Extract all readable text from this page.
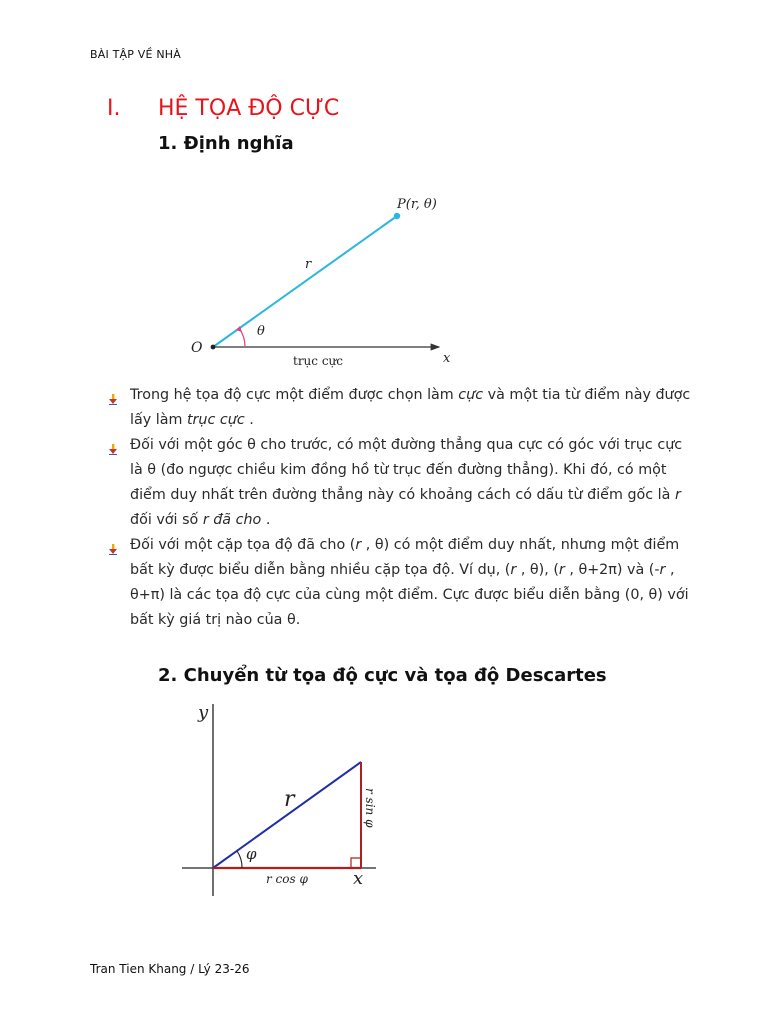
BÀI TẬP VỀ NHÀ
I. HỆ TỌA ĐỘ CỰC
1. Định nghĩa
P(r, θ)
r
θ
O
trục cực	x
Trong hệ tọa độ cực một điểm được chọn làm cực và một tia từ điểm này được lấy làm trục cực .
Đối với một góc θ cho trước, có một đường thẳng qua cực có góc với trục cực là θ (đo ngược chiều kim đồng hồ từ trục đến đường thẳng). Khi đó, có một điểm duy nhất trên đường thẳng này có khoảng cách có dấu từ điểm gốc là r đối với số r đã cho .
Đối với một cặp tọa độ đã cho (r , θ) có một điểm duy nhất, nhưng một điểm bất kỳ được biểu diễn bằng nhiều cặp tọa độ. Ví dụ, (r , θ), (r , θ+2π) và (-r , θ+π) là các tọa độ cực của cùng một điểm. Cực được biểu diễn bằng (0, θ) với bất kỳ giá trị nào của θ.
2. Chuyển từ tọa độ cực và tọa độ Descartes
y
x
r
φ
r sin φ
r cos φ
Tran Tien Khang / Lý 23-26
